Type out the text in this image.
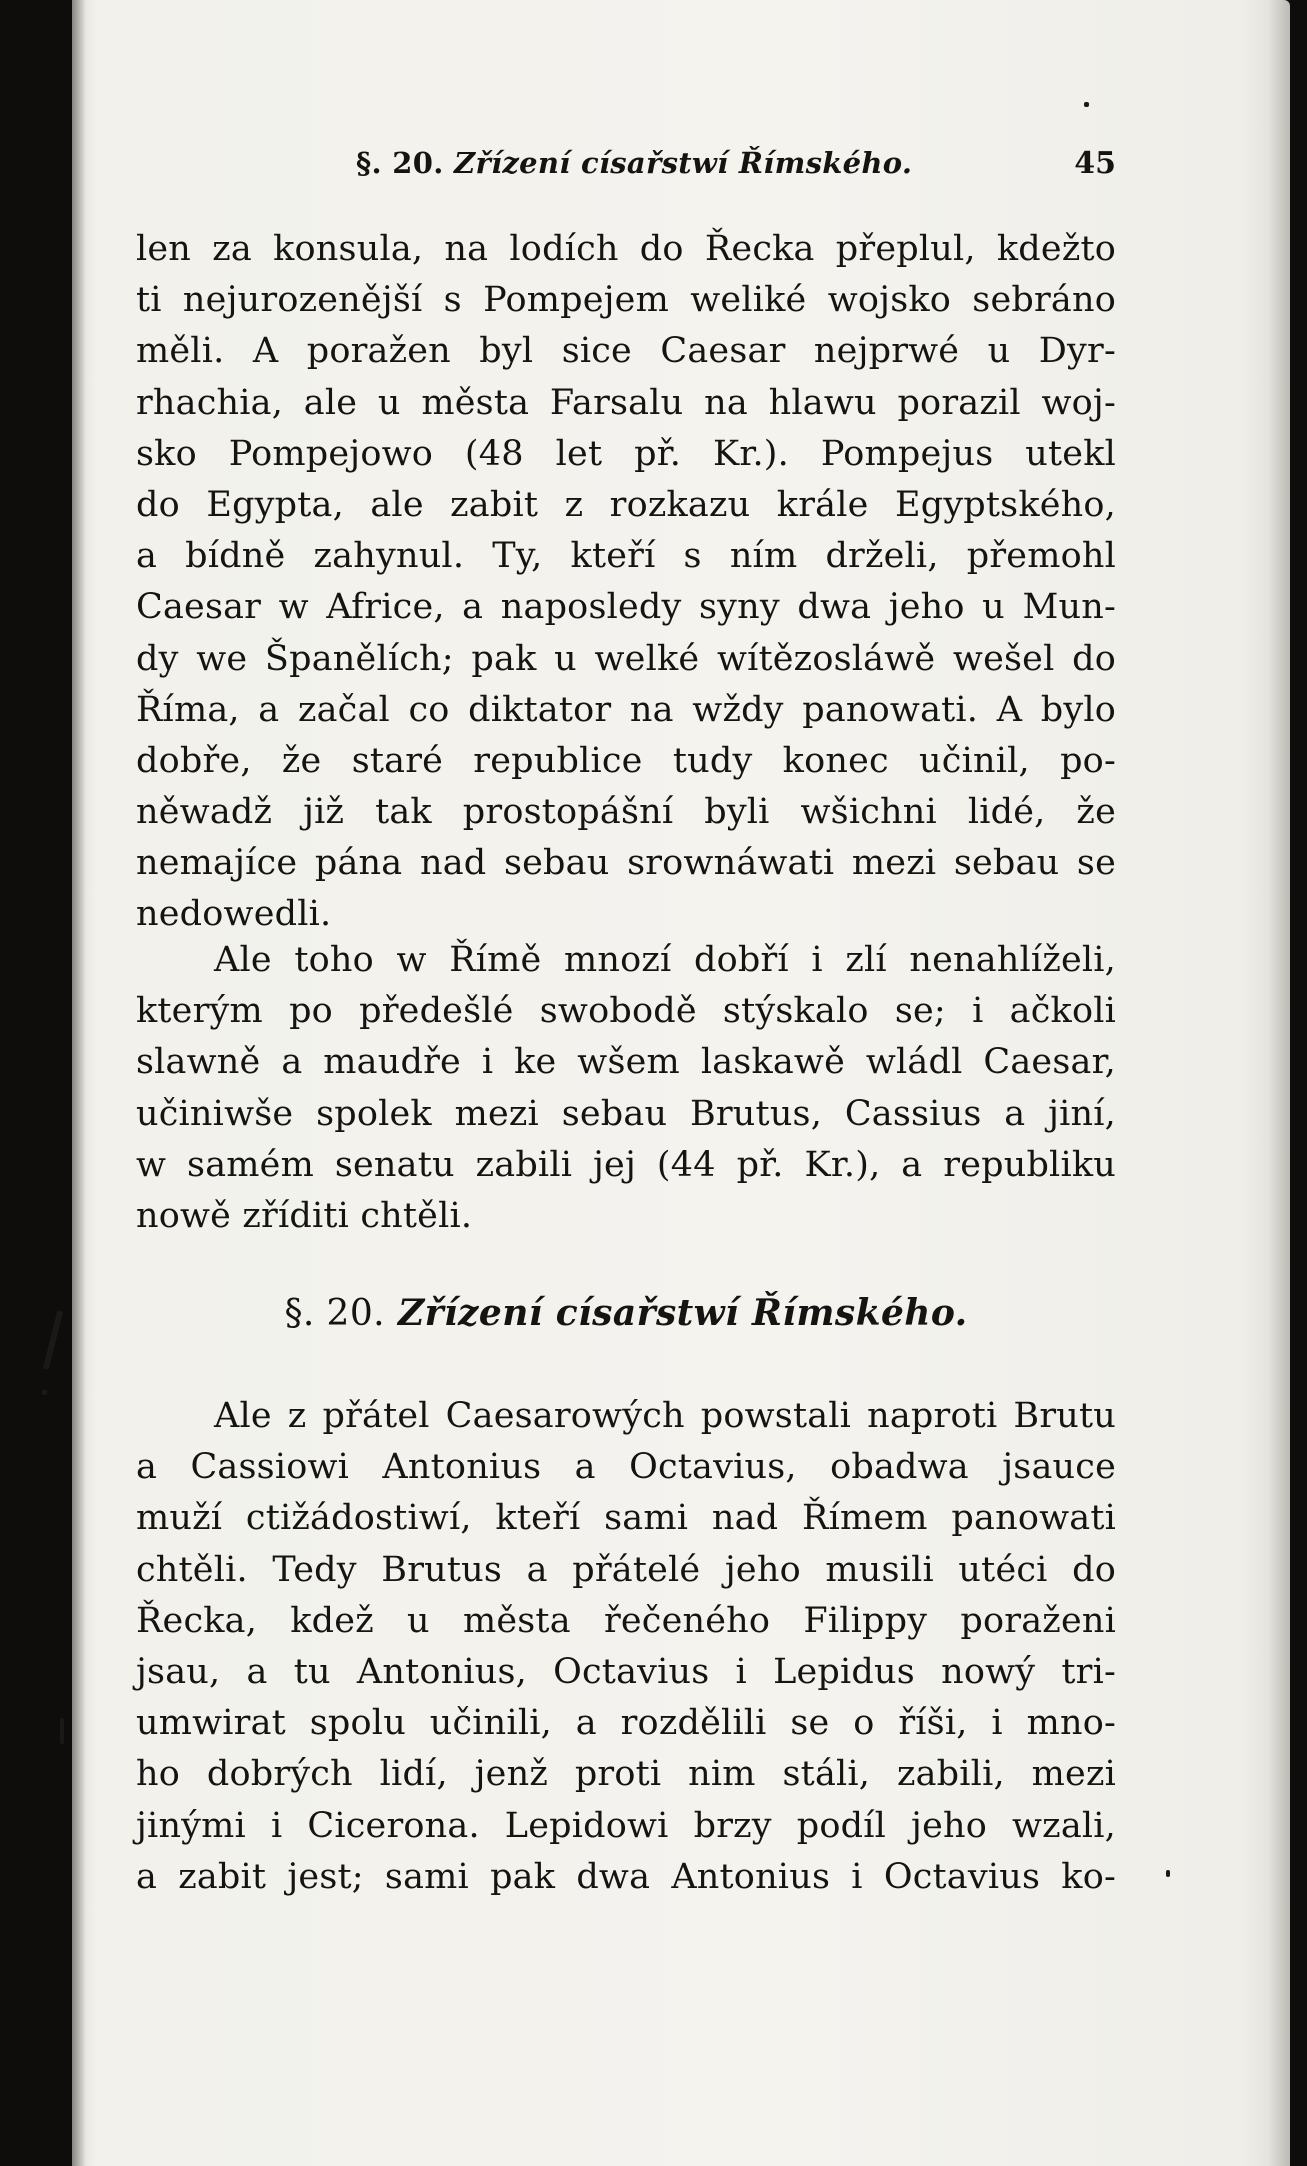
§. 20. Zřízení císařstwí Římského.	45
len za konsula, na lodích do Řecka přeplul, kdežto
ti nejurozenější s Pompejem weliké wojsko sebráno
měli. A poražen byl sice Caesar nejprwé u Dyr-
rhachia, ale u města Farsalu na hlawu porazil woj-
sko Pompejowo (48 let př. Kr.). Pompejus utekl
do Egypta, ale zabit z rozkazu krále Egyptského,
a bídně zahynul. Ty, kteří s ním drželi, přemohl
Caesar w Africe, a naposledy syny dwa jeho u Mun-
dy we Španělích; pak u welké wítězosláwě wešel do
Říma, a začal co diktator na wždy panowati. A bylo
dobře, že staré republice tudy konec učinil, po-
něwadž již tak prostopášní byli wšichni lidé, že
nemajíce pána nad sebau srownáwati mezi sebau se
nedowedli.
Ale toho w Římě mnozí dobří i zlí nenahlíželi,
kterým po předešlé swobodě stýskalo se; i ačkoli
slawně a maudře i ke wšem laskawě wládl Caesar,
učiniwše spolek mezi sebau Brutus, Cassius a jiní,
w samém senatu zabili jej (44 př. Kr.), a republiku
nowě zříditi chtěli.
§. 20. Zřízení císařstwí Římského.
Ale z přátel Caesarowých powstali naproti Brutu
a Cassiowi Antonius a Octavius, obadwa jsauce
muží ctižádostiwí, kteří sami nad Římem panowati
chtěli. Tedy Brutus a přátelé jeho musili utéci do
Řecka, kdež u města řečeného Filippy poraženi
jsau, a tu Antonius, Octavius i Lepidus nowý tri-
umwirat spolu učinili, a rozdělili se o říši, i mno-
ho dobrých lidí, jenž proti nim stáli, zabili, mezi
jinými i Cicerona. Lepidowi brzy podíl jeho wzali,
a zabit jest; sami pak dwa Antonius i Octavius ko-
